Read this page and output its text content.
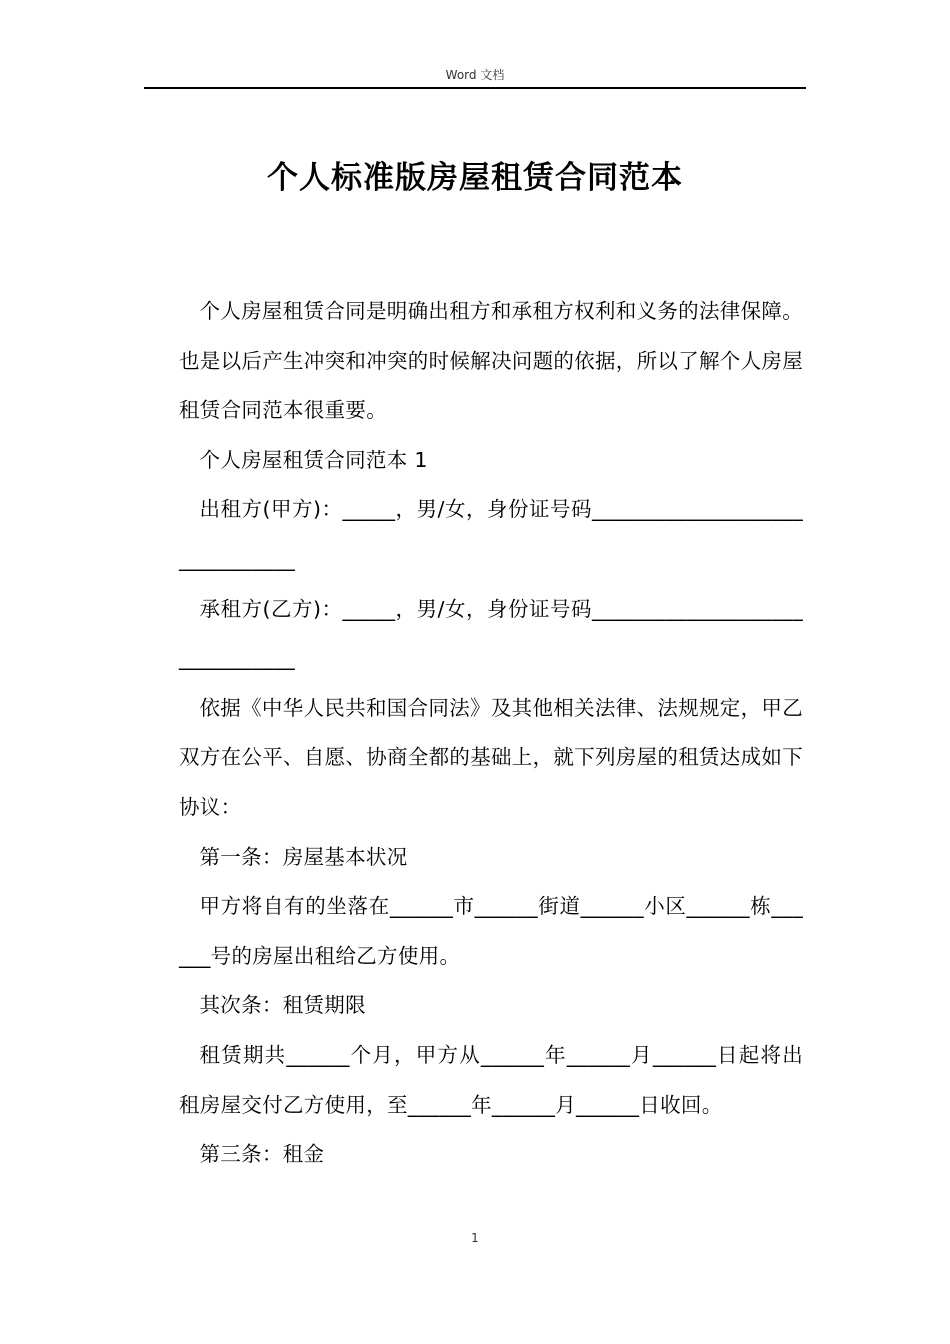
Word 文档
个人标准版房屋租赁合同范本

个人房屋租赁合同是明确出租方和承租方权利和义务的法律保障。也是以后产生冲突和冲突的时候解决问题的依据，所以了解个人房屋租赁合同范本很重要。

个人房屋租赁合同范本 1

出租方(甲方)：_____，男/女，身份证号码_______________________________

承租方(乙方)：_____，男/女，身份证号码_______________________________

依据《中华人民共和国合同法》及其他相关法律、法规规定，甲乙双方在公平、自愿、协商全都的基础上，就下列房屋的租赁达成如下协议：

第一条：房屋基本状况

甲方将自有的坐落在______市______街道______小区______栋______号的房屋出租给乙方使用。

其次条：租赁期限

租赁期共______个月，甲方从______年______月______日起将出租房屋交付乙方使用，至______年______月______日收回。

第三条：租金

1
